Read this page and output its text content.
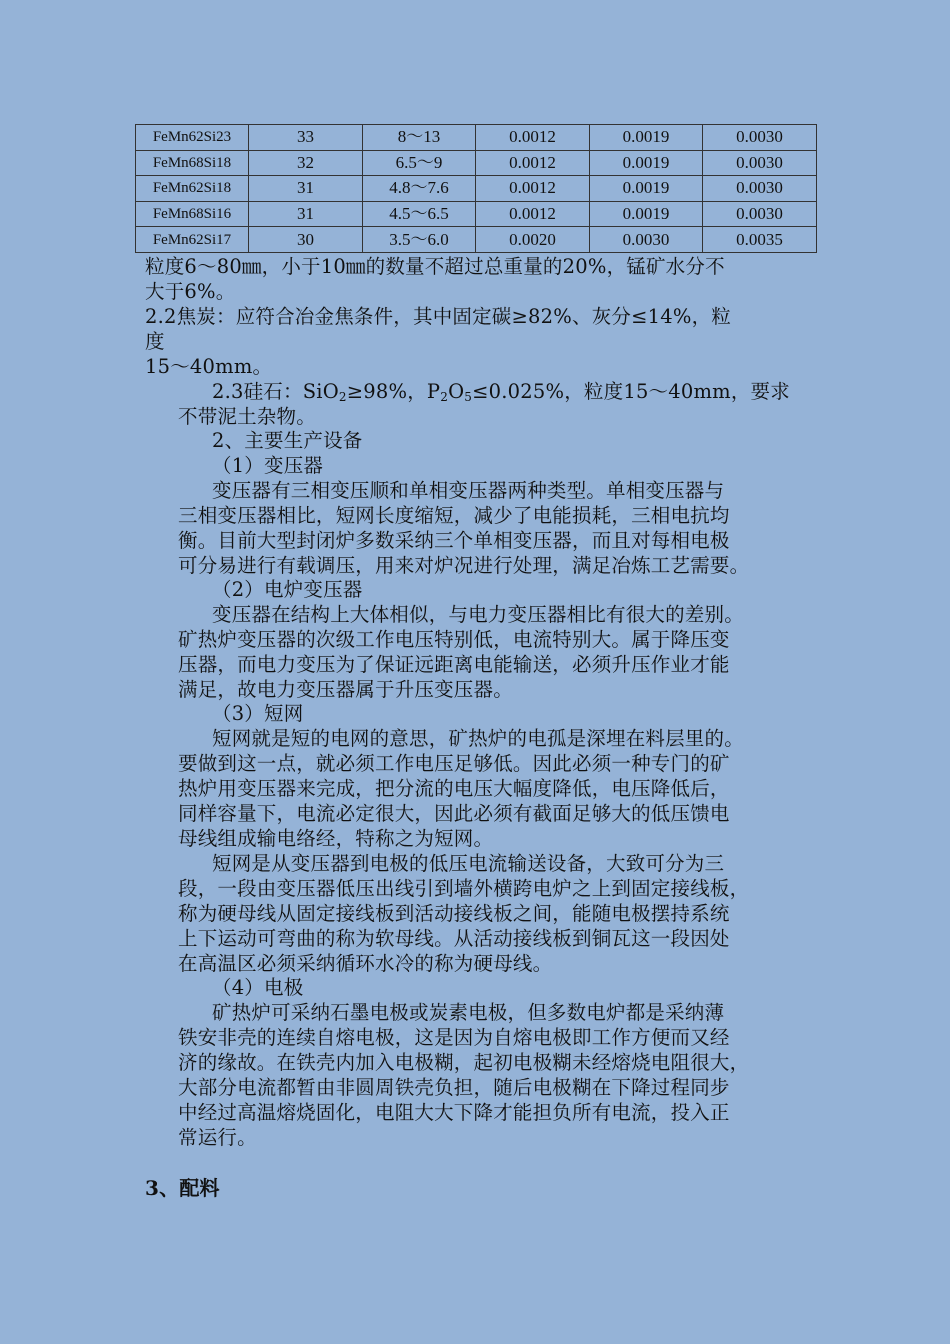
FeMn62Si23	33	8～13	0.0012	0.0019	0.0030
FeMn68Si18	32	6.5～9	0.0012	0.0019	0.0030
FeMn62Si18	31	4.8～7.6	0.0012	0.0019	0.0030
FeMn68Si16	31	4.5～6.5	0.0012	0.0019	0.0030
FeMn62Si17	30	3.5～6.0	0.0020	0.0030	0.0035
粒度6～80㎜，小于10㎜的数量不超过总重量的20%，锰矿水分不
大于6%。
2.2焦炭：应符合冶金焦条件，其中固定碳≥82%、灰分≤14%，粒
度
15～40mm。
2.3硅石：SiO$_2$≥98%，$P_2O_5\le 0.025\%$，粒度15～40mm，要求
不带泥土杂物。
2、主要生产设备
（1）变压器
变压器有三相变压顺和单相变压器两种类型。单相变压器与
三相变压器相比，短网长度缩短，减少了电能损耗，三相电抗均
衡。目前大型封闭炉多数采纳三个单相变压器，而且对每相电极
可分易进行有载调压，用来对炉况进行处理，满足冶炼工艺需要。
（2）电炉变压器
变压器在结构上大体相似，与电力变压器相比有很大的差别。
矿热炉变压器的次级工作电压特别低，电流特别大。属于降压变
压器，而电力变压为了保证远距离电能输送，必须升压作业才能
满足，故电力变压器属于升压变压器。
（3）短网
短网就是短的电网的意思，矿热炉的电孤是深埋在料层里的。
要做到这一点，就必须工作电压足够低。因此必须一种专门的矿
热炉用变压器来完成，把分流的电压大幅度降低，电压降低后，
同样容量下，电流必定很大，因此必须有截面足够大的低压馈电
母线组成输电络经，特称之为短网。
短网是从变压器到电极的低压电流输送设备，大致可分为三
段，一段由变压器低压出线引到墙外横跨电炉之上到固定接线板，
称为硬母线从固定接线板到活动接线板之间，能随电极摆持系统
上下运动可弯曲的称为软母线。从活动接线板到铜瓦这一段因处
在高温区必须采纳循环水冷的称为硬母线。
（4）电极
矿热炉可采纳石墨电极或炭素电极，但多数电炉都是采纳薄
铁安非壳的连续自熔电极，这是因为自熔电极即工作方便而又经
济的缘故。在铁壳内加入电极糊，起初电极糊未经熔烧电阻很大，
大部分电流都暂由非圆周铁壳负担，随后电极糊在下降过程同步
中经过高温熔烧固化，电阻大大下降才能担负所有电流，投入正
常运行。
3、配料
